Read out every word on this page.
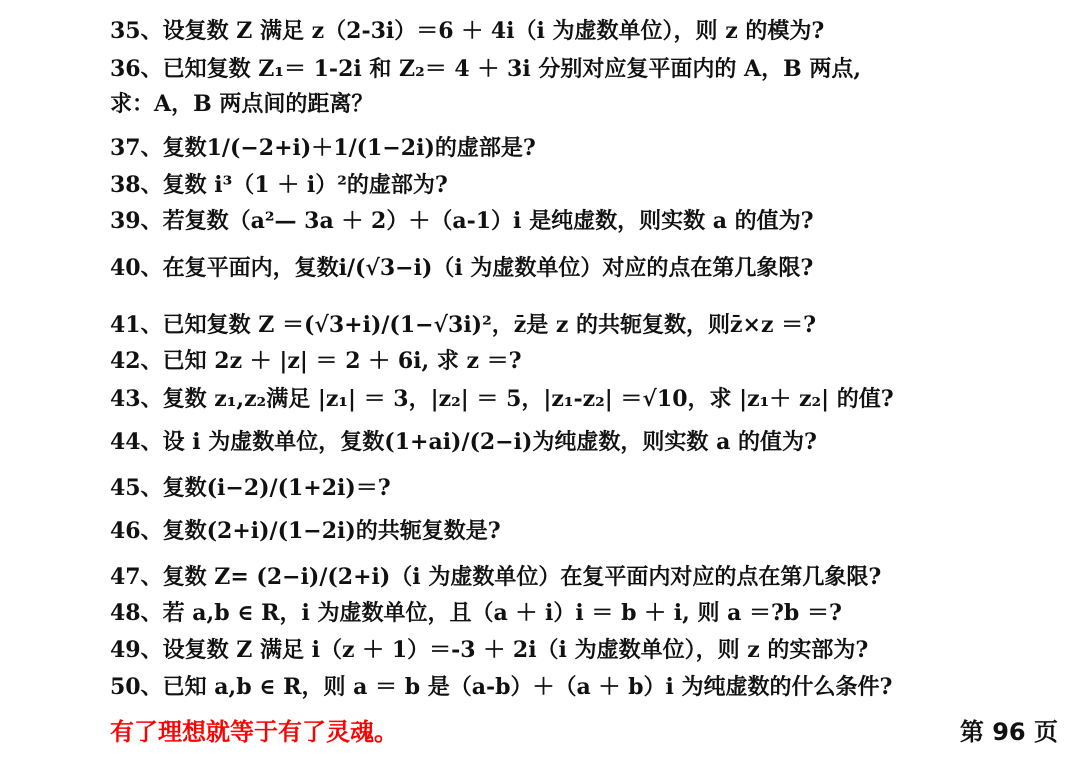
35、设复数 Z 满足 z（2-3i）＝6 ＋ 4i（i 为虚数单位），则 z 的模为?
36、已知复数 Z₁＝ 1-2i 和 Z₂＝ 4 ＋ 3i 分别对应复平面内的 A，B 两点,
求：A，B 两点间的距离？
37、复数1/(−2+i)＋1/(1−2i)的虚部是?
38、复数 i³（1 ＋ i）²的虚部为?
39、若复数（a²— 3a ＋ 2）＋（a-1）i 是纯虚数，则实数 a 的值为?
40、在复平面内，复数i/(√3−i)（i 为虚数单位）对应的点在第几象限?
41、已知复数 Z ＝(√3+i)/(1−√3i)²，z̄是 z 的共轭复数，则z̄×z ＝?
42、已知 2z ＋ |z| ＝ 2 ＋ 6i, 求 z ＝?
43、复数 z₁,z₂满足 |z₁| ＝ 3，|z₂| ＝ 5，|z₁-z₂| ＝√10，求 |z₁＋ z₂| 的值?
44、设 i 为虚数单位，复数(1+ai)/(2−i)为纯虚数，则实数 a 的值为?
45、复数(i−2)/(1+2i)＝?
46、复数(2+i)/(1−2i)的共轭复数是?
47、复数 Z= (2−i)/(2+i)（i 为虚数单位）在复平面内对应的点在第几象限?
48、若 a,b ∈ R，i 为虚数单位，且（a ＋ i）i ＝ b ＋ i, 则 a ＝?b ＝?
49、设复数 Z 满足 i（z ＋ 1）＝-3 ＋ 2i（i 为虚数单位），则 z 的实部为?
50、已知 a,b ∈ R，则 a ＝ b 是（a-b）＋（a ＋ b）i 为纯虚数的什么条件?
有了理想就等于有了灵魂。	第 96 页
